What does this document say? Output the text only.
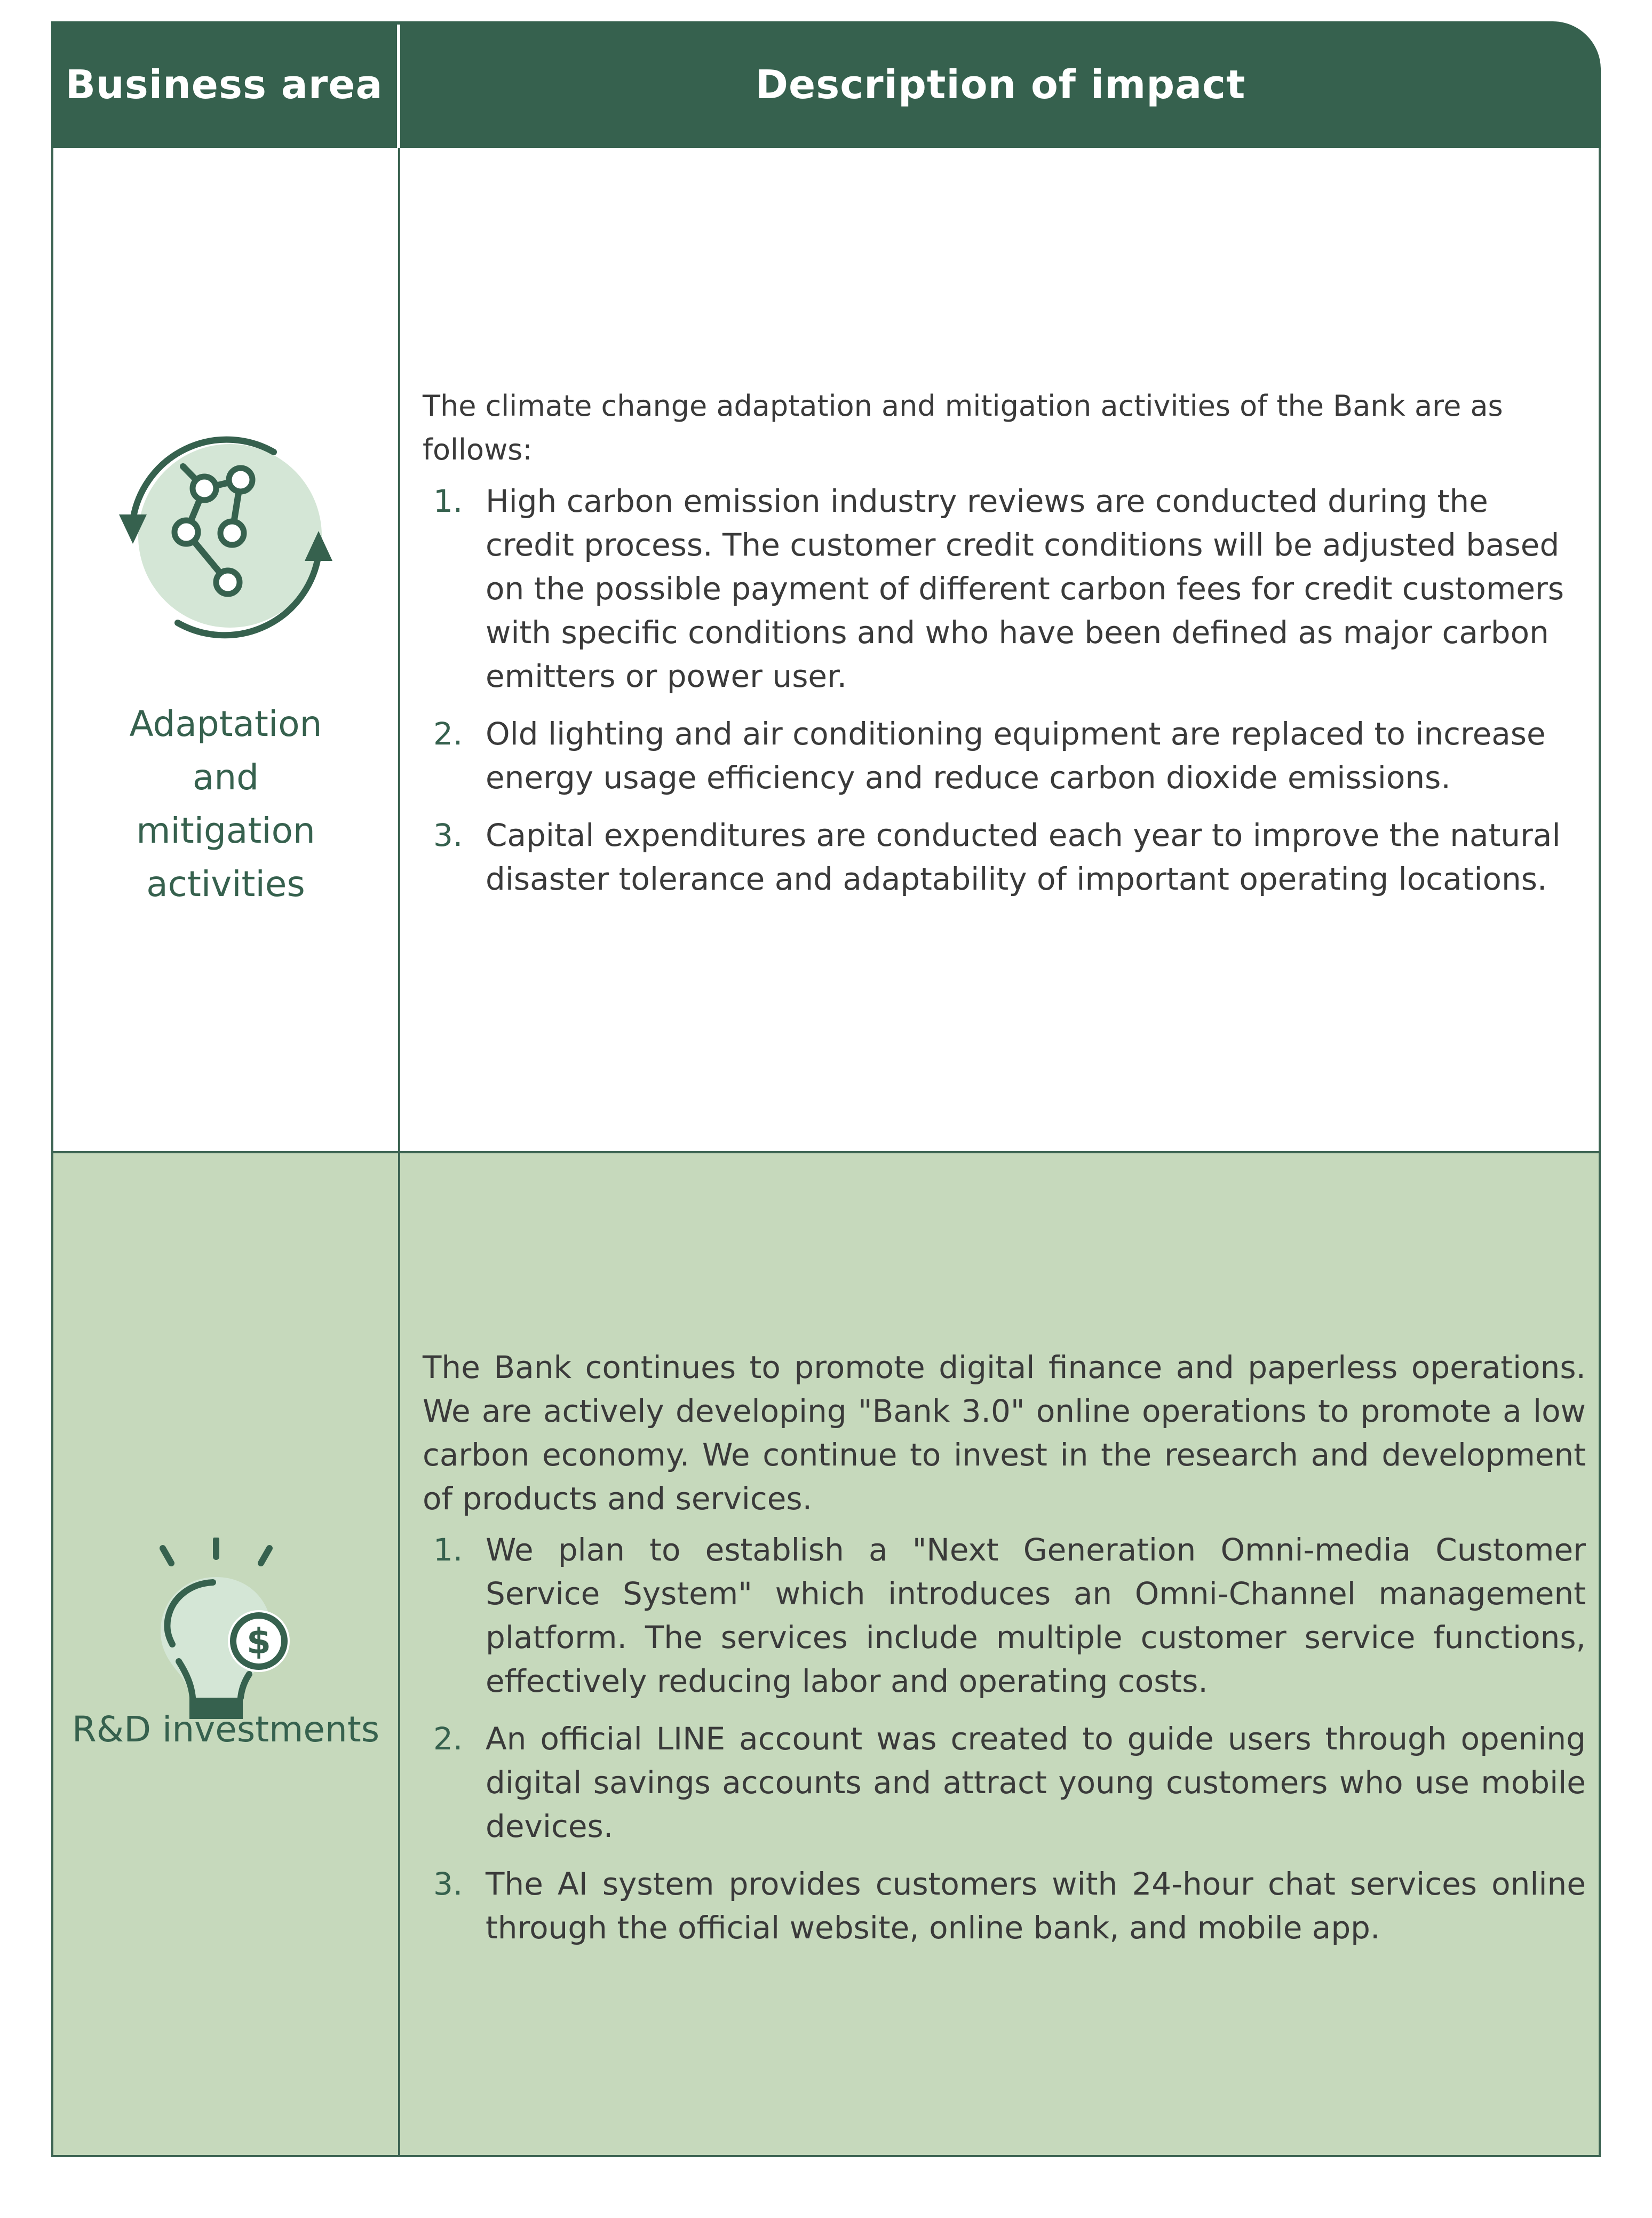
Business area	Description of impact
Adaptation and mitigation activities

The climate change adaptation and mitigation activities of the Bank are as follows:

1. High carbon emission industry reviews are conducted during the credit process. The customer credit conditions will be adjusted based on the possible payment of different carbon fees for credit customers with specific conditions and who have been defined as major carbon emitters or power user.
2. Old lighting and air conditioning equipment are replaced to increase energy usage efficiency and reduce carbon dioxide emissions.
3. Capital expenditures are conducted each year to improve the natural disaster tolerance and adaptability of important operating locations.
$
R&D investments

The Bank continues to promote digital finance and paperless operations. We are actively developing "Bank 3.0" online operations to promote a low carbon economy. We continue to invest in the research and development of products and services.

1. We plan to establish a "Next Generation Omni-media Customer Service System" which introduces an Omni-Channel management platform. The services include multiple customer service functions, effectively reducing labor and operating costs.
2. An official LINE account was created to guide users through opening digital savings accounts and attract young customers who use mobile devices.
3. The AI system provides customers with 24-hour chat services online through the official website, online bank, and mobile app.
